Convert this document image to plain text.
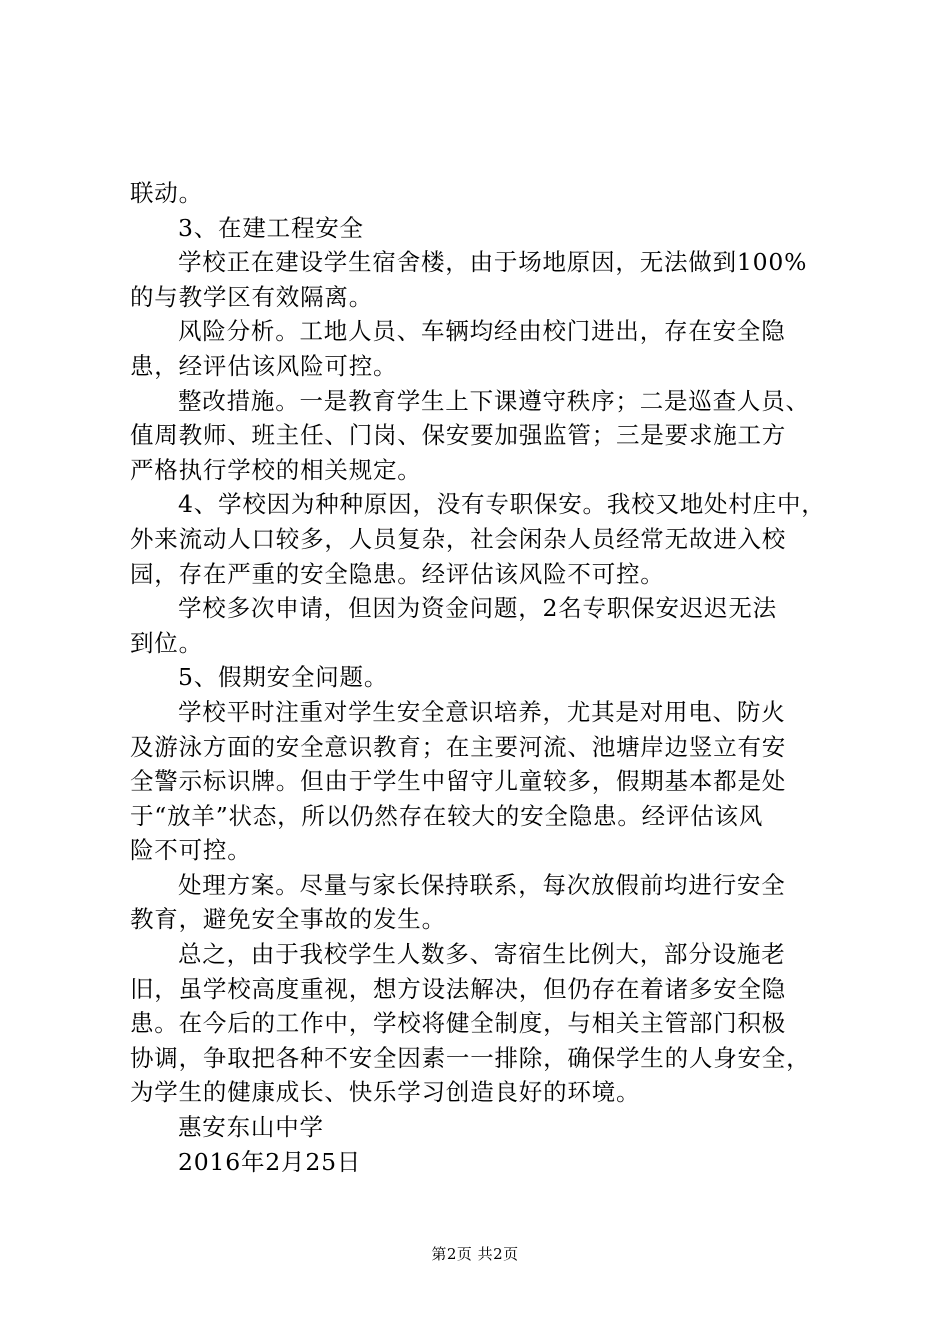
联动。
3、在建工程安全
学校正在建设学生宿舍楼，由于场地原因，无法做到100%
的与教学区有效隔离。
风险分析。工地人员、车辆均经由校门进出，存在安全隐
患，经评估该风险可控。
整改措施。一是教育学生上下课遵守秩序；二是巡查人员、
值周教师、班主任、门岗、保安要加强监管；三是要求施工方
严格执行学校的相关规定。
4、学校因为种种原因，没有专职保安。我校又地处村庄中，
外来流动人口较多，人员复杂，社会闲杂人员经常无故进入校
园，存在严重的安全隐患。经评估该风险不可控。
学校多次申请，但因为资金问题，2名专职保安迟迟无法
到位。
5、假期安全问题。
学校平时注重对学生安全意识培养，尤其是对用电、防火
及游泳方面的安全意识教育；在主要河流、池塘岸边竖立有安
全警示标识牌。但由于学生中留守儿童较多，假期基本都是处
于“放羊”状态，所以仍然存在较大的安全隐患。经评估该风
险不可控。
处理方案。尽量与家长保持联系，每次放假前均进行安全
教育，避免安全事故的发生。
总之，由于我校学生人数多、寄宿生比例大，部分设施老
旧，虽学校高度重视，想方设法解决，但仍存在着诸多安全隐
患。在今后的工作中，学校将健全制度，与相关主管部门积极
协调，争取把各种不安全因素一一排除，确保学生的人身安全，
为学生的健康成长、快乐学习创造良好的环境。
惠安东山中学
2016年2月25日
第2页 共2页
